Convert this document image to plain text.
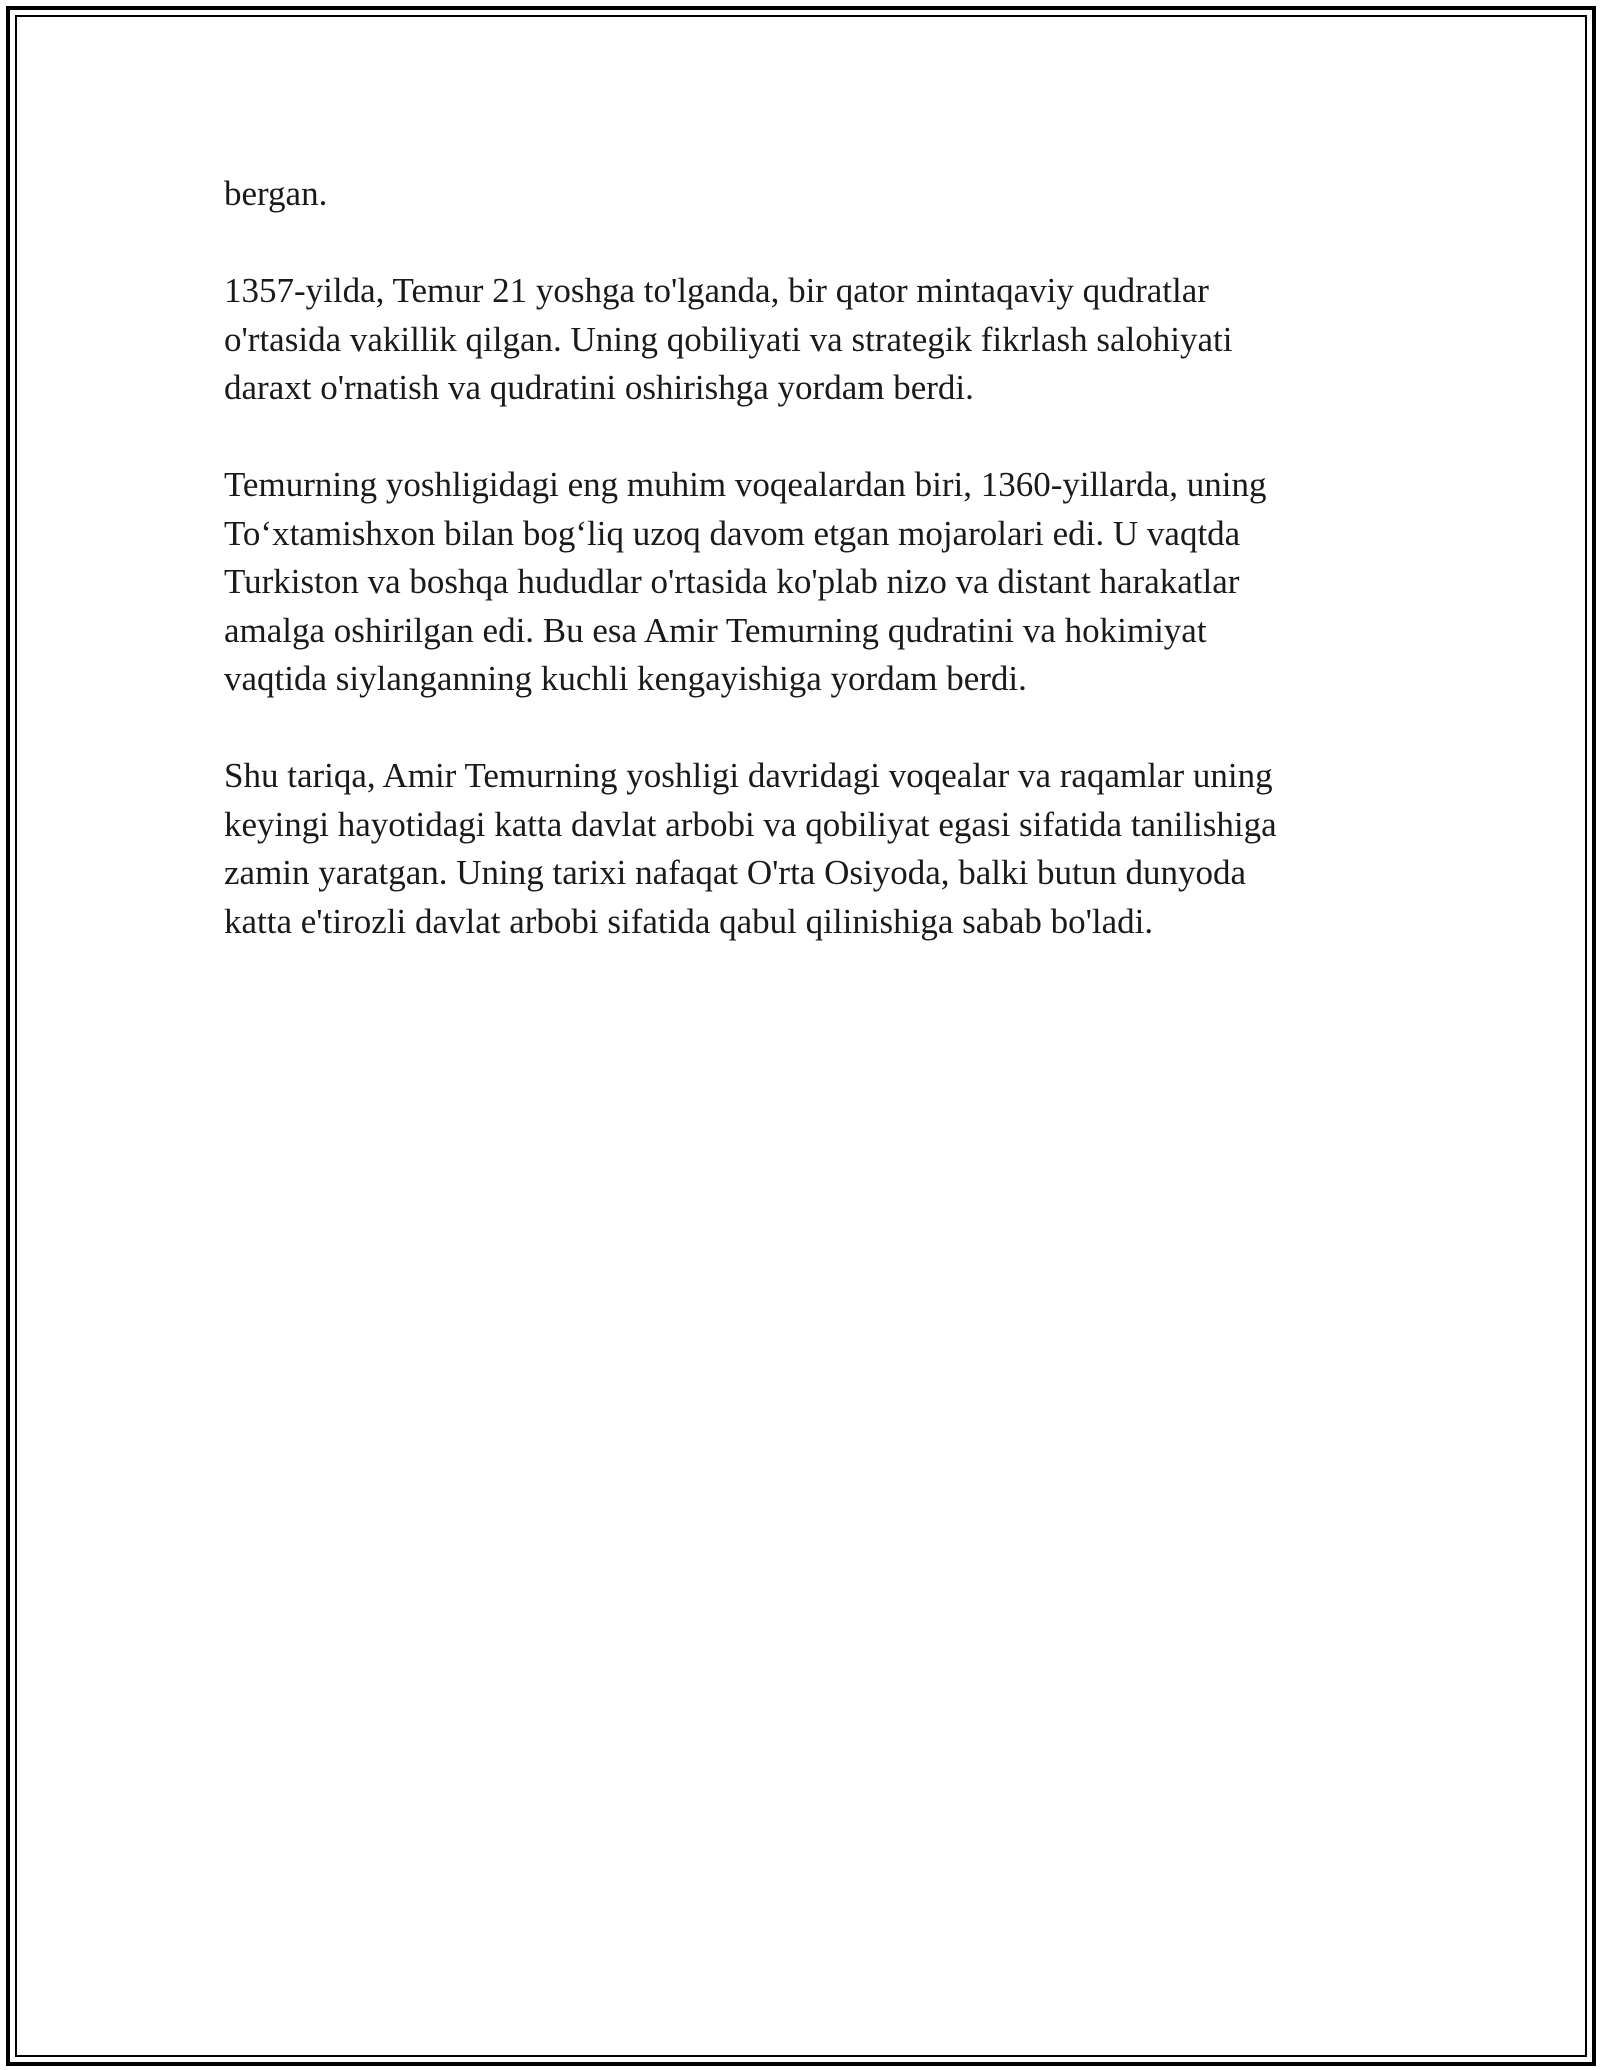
bergan.

1357-yilda, Temur 21 yoshga to'lganda, bir qator mintaqaviy qudratlar
o'rtasida vakillik qilgan. Uning qobiliyati va strategik fikrlash salohiyati
daraxt o'rnatish va qudratini oshirishga yordam berdi.

Temurning yoshligidagi eng muhim voqealardan biri, 1360-yillarda, uning
To‘xtamishxon bilan bog‘liq uzoq davom etgan mojarolari edi. U vaqtda
Turkiston va boshqa hududlar o'rtasida ko'plab nizo va distant harakatlar
amalga oshirilgan edi. Bu esa Amir Temurning qudratini va hokimiyat
vaqtida siylanganning kuchli kengayishiga yordam berdi.

Shu tariqa, Amir Temurning yoshligi davridagi voqealar va raqamlar uning
keyingi hayotidagi katta davlat arbobi va qobiliyat egasi sifatida tanilishiga
zamin yaratgan. Uning tarixi nafaqat O'rta Osiyoda, balki butun dunyoda
katta e'tirozli davlat arbobi sifatida qabul qilinishiga sabab bo'ladi.
